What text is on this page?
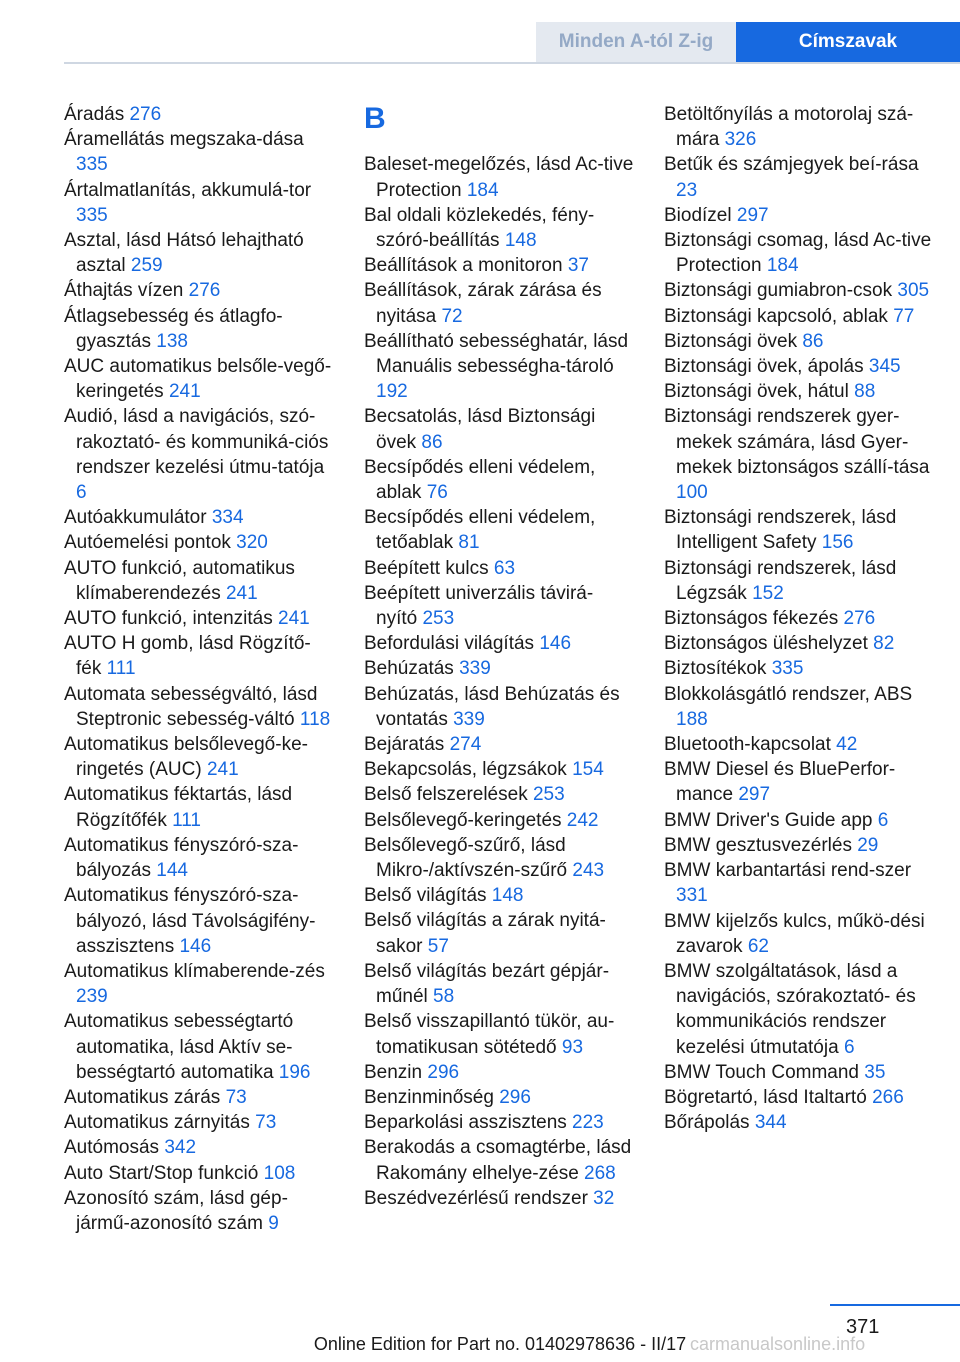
Minden A-tól Z-ig	Címszavak
Áradás 276
Áramellátás megszaka-dása 335
Ártalmatlanítás, akkumulá-tor 335
Asztal, lásd Hátsó lehajtható asztal 259
Áthajtás vízen 276
Átlagsebesség és átlagfo-gyasztás 138
AUC automatikus belsőle-vegő-keringetés 241
Audió, lásd a navigációs, szó-rakoztató- és kommuniká-ciós rendszer kezelési útmu-tatója 6
Autóakkumulátor 334
Autóemelési pontok 320
AUTO funkció, automatikus klímaberendezés 241
AUTO funkció, intenzitás 241
AUTO H gomb, lásd Rögzítő-fék 111
Automata sebességváltó, lásd Steptronic sebesség-váltó 118
Automatikus belsőlevegő-ke-ringetés (AUC) 241
Automatikus féktartás, lásd Rögzítőfék 111
Automatikus fényszóró-sza-bályozás 144
Automatikus fényszóró-sza-bályozó, lásd Távolságifény-asszisztens 146
Automatikus klímaberende-zés 239
Automatikus sebességtartó automatika, lásd Aktív se-bességtartó automatika 196
Automatikus zárás 73
Automatikus zárnyitás 73
Autómosás 342
Auto Start/Stop funkció 108
Azonosító szám, lásd gép-jármű-azonosító szám 9
B
Baleset-megelőzés, lásd Ac-tive Protection 184
Bal oldali közlekedés, fény-szóró-beállítás 148
Beállítások a monitoron 37
Beállítások, zárak zárása és nyitása 72
Beállítható sebességhatár, lásd Manuális sebességha-tároló 192
Becsatolás, lásd Biztonsági övek 86
Becsípődés elleni védelem, ablak 76
Becsípődés elleni védelem, tetőablak 81
Beépített kulcs 63
Beépített univerzális távirá-nyító 253
Befordulási világítás 146
Behúzatás 339
Behúzatás, lásd Behúzatás és vontatás 339
Bejáratás 274
Bekapcsolás, légzsákok 154
Belső felszerelések 253
Belsőlevegő-keringetés 242
Belsőlevegő-szűrő, lásd Mikro-/aktívszén-szűrő 243
Belső világítás 148
Belső világítás a zárak nyitá-sakor 57
Belső világítás bezárt gépjár-műnél 58
Belső visszapillantó tükör, au-tomatikusan sötétedő 93
Benzin 296
Benzinminőség 296
Beparkolási asszisztens 223
Berakodás a csomagtérbe, lásd Rakomány elhelye-zése 268
Beszédvezérlésű rendszer 32
Betöltőnyílás a motorolaj szá-mára 326
Betűk és számjegyek beí-rása 23
Biodízel 297
Biztonsági csomag, lásd Ac-tive Protection 184
Biztonsági gumiabron-csok 305
Biztonsági kapcsoló, ablak 77
Biztonsági övek 86
Biztonsági övek, ápolás 345
Biztonsági övek, hátul 88
Biztonsági rendszerek gyer-mekek számára, lásd Gyer-mekek biztonságos szállí-tása 100
Biztonsági rendszerek, lásd Intelligent Safety 156
Biztonsági rendszerek, lásd Légzsák 152
Biztonságos fékezés 276
Biztonságos üléshelyzet 82
Biztosítékok 335
Blokkolásgátló rendszer, ABS 188
Bluetooth-kapcsolat 42
BMW Diesel és BluePerfor-mance 297
BMW Driver's Guide app 6
BMW gesztusvezérlés 29
BMW karbantartási rend-szer 331
BMW kijelzős kulcs, műkö-dési zavarok 62
BMW szolgáltatások, lásd a navigációs, szórakoztató- és kommunikációs rendszer kezelési útmutatója 6
BMW Touch Command 35
Bögretartó, lásd Italtartó 266
Bőrápolás 344
371
Online Edition for Part no. 01402978636 - II/17 carmanualsonline.info
